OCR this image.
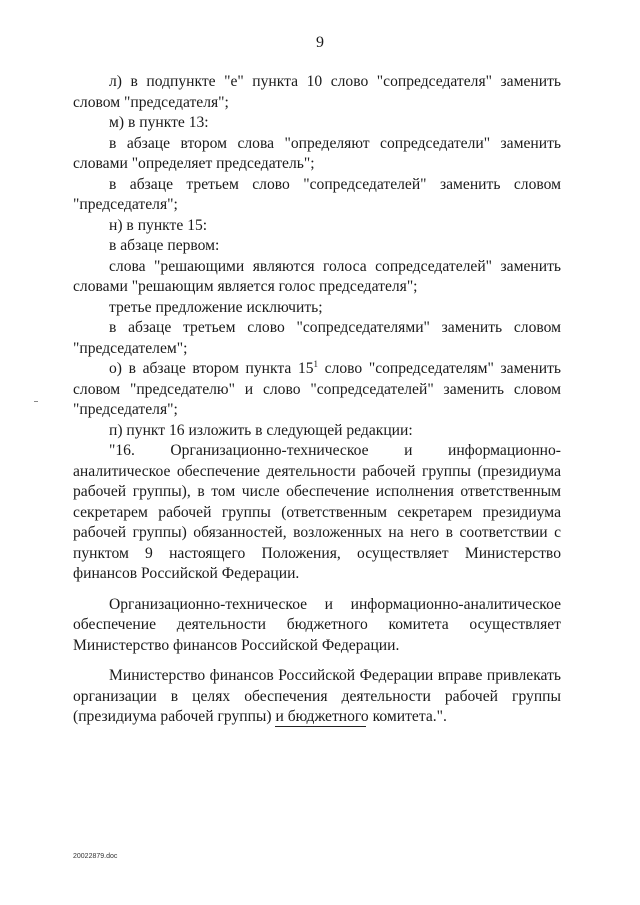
9

л) в подпункте "е" пункта 10 слово "сопредседателя" заменить словом "председателя";

м) в пункте 13:

в абзаце втором слова "определяют сопредседатели" заменить словами "определяет председатель";

в абзаце третьем слово "сопредседателей" заменить словом "председателя";

н) в пункте 15:

в абзаце первом:

слова "решающими являются голоса сопредседателей" заменить словами "решающим является голос председателя";

третье предложение исключить;

в абзаце третьем слово "сопредседателями" заменить словом "председателем";

о) в абзаце втором пункта $15^1$ слово "сопредседателям" заменить словом "председателю" и слово "сопредседателей" заменить словом "председателя";

п) пункт 16 изложить в следующей редакции:

"16. Организационно-техническое и информационно-аналитическое обеспечение деятельности рабочей группы (президиума рабочей группы), в том числе обеспечение исполнения ответственным секретарем рабочей группы (ответственным секретарем президиума рабочей группы) обязанностей, возложенных на него в соответствии с пунктом 9 настоящего Положения, осуществляет Министерство финансов Российской Федерации.

Организационно-техническое и информационно-аналитическое обеспечение деятельности бюджетного комитета осуществляет Министерство финансов Российской Федерации.

Министерство финансов Российской Федерации вправе привлекать организации в целях обеспечения деятельности рабочей группы (президиума рабочей группы) и бюджетного комитета.".

20022879.doc
